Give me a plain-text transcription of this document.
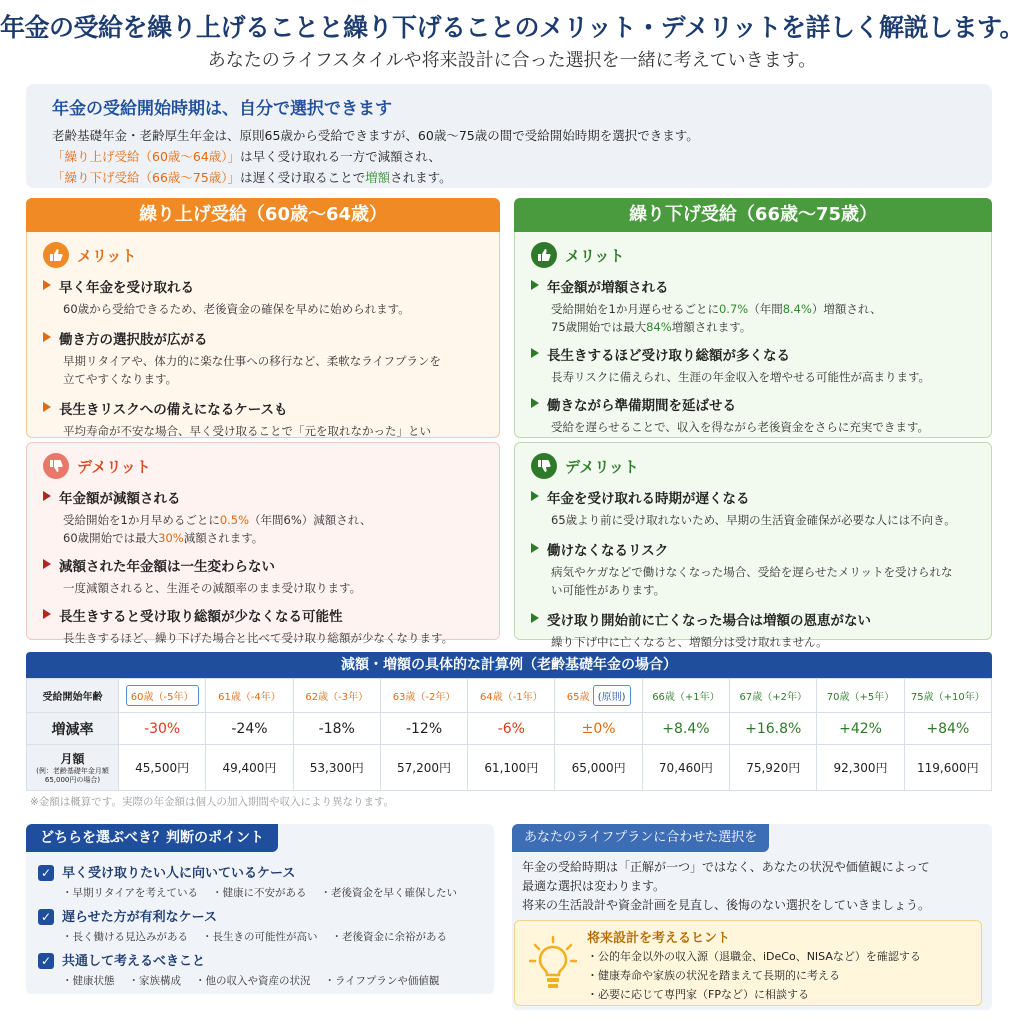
年金の受給を繰り上げることと繰り下げることのメリット・デメリットを詳しく解説します。
あなたのライフスタイルや将来設計に合った選択を一緒に考えていきます。
年金の受給開始時期は、自分で選択できます

老齢基礎年金・老齢厚生年金は、原則65歳から受給できますが、60歳～75歳の間で受給開始時期を選択できます。

「繰り上げ受給（60歳～64歳）」は早く受け取れる一方で減額され、

「繰り下げ受給（66歳～75歳）」は遅く受け取ることで増額されます。

繰り上げ受給（60歳～64歳）
メリット
早く年金を受け取れる
60歳から受給できるため、老後資金の確保を早めに始められます。
働き方の選択肢が広がる
早期リタイアや、体力的に楽な仕事への移行など、柔軟なライフプランを立てやすくなります。
長生きリスクへの備えになるケースも
平均寿命が不安な場合、早く受け取ることで「元を取れなかった」とい
デメリット
年金額が減額される
受給開始を1か月早めるごとに0.5%（年間6%）減額され、
60歳開始では最大30%減額されます。
減額された年金額は一生変わらない
一度減額されると、生涯その減額率のまま受け取ります。
長生きすると受け取り総額が少なくなる可能性
長生きするほど、繰り下げた場合と比べて受け取り総額が少なくなります。
繰り下げ受給（66歳～75歳）
メリット
年金額が増額される
受給開始を1か月遅らせるごとに0.7%（年間8.4%）増額され、
75歳開始では最大84%増額されます。
長生きするほど受け取り総額が多くなる
長寿リスクに備えられ、生涯の年金収入を増やせる可能性が高まります。
働きながら準備期間を延ばせる
受給を遅らせることで、収入を得ながら老後資金をさらに充実できます。
デメリット
年金を受け取れる時期が遅くなる
65歳より前に受け取れないため、早期の生活資金確保が必要な人には不向き。
働けなくなるリスク
病気やケガなどで働けなくなった場合、受給を遅らせたメリットを受けられない可能性があります。
受け取り開始前に亡くなった場合は増額の恩恵がない
繰り下げ中に亡くなると、増額分は受け取れません。
減額・増額の具体的な計算例（老齢基礎年金の場合）
受給開始年齢	60歳（-5年）	61歳（-4年）	62歳（-3年）	63歳（-2年）	64歳（-1年）	65歳 (原則)	66歳（+1年）	67歳（+2年）	70歳（+5年）	75歳（+10年）
増減率	-30%	-24%	-18%	-12%	-6%	±0%	+8.4%	+16.8%	+42%	+84%
月額
(例：老齢基礎年金月額65,000円の場合)	45,500円	49,400円	53,300円	57,200円	61,100円	65,000円	70,460円	75,920円	92,300円	119,600円
※金額は概算です。実際の年金額は個人の加入期間や収入により異なります。
どちらを選ぶべき？判断のポイント
✓ 早く受け取りたい人に向いているケース
・早期リタイアを考えている ・健康に不安がある ・老後資金を早く確保したい
✓ 遅らせた方が有利なケース
・長く働ける見込みがある ・長生きの可能性が高い ・老後資金に余裕がある
✓ 共通して考えるべきこと
・健康状態 ・家族構成 ・他の収入や資産の状況 ・ライフプランや価値観
あなたのライフプランに合わせた選択を
年金の受給時期は「正解が一つ」ではなく、あなたの状況や価値観によって
最適な選択は変わります。
将来の生活設計や資金計画を見直し、後悔のない選択をしていきましょう。
将来設計を考えるヒント
・公的年金以外の収入源（退職金、iDeCo、NISAなど）を確認する
・健康寿命や家族の状況を踏まえて長期的に考える
・必要に応じて専門家（FPなど）に相談する
